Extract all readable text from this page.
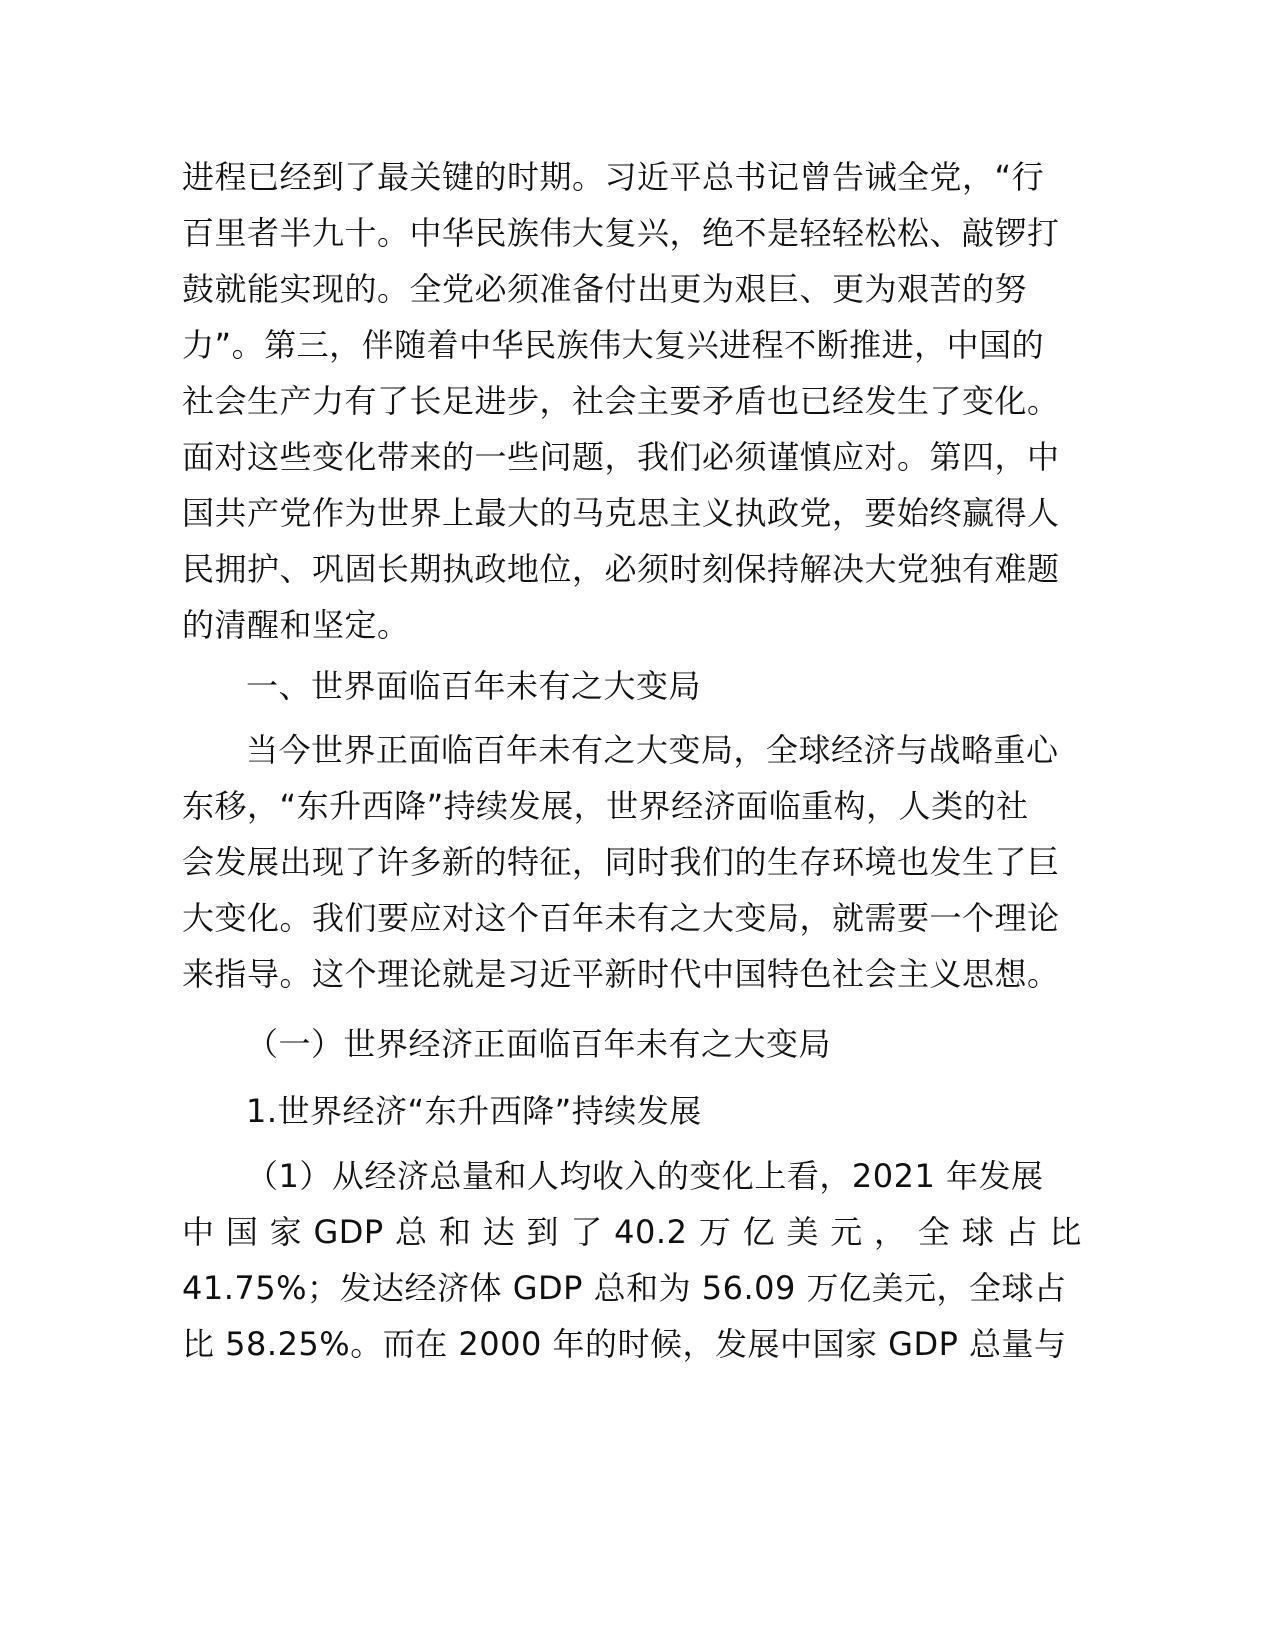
进程已经到了最关键的时期。习近平总书记曾告诫全党，“行
百里者半九十。中华民族伟大复兴，绝不是轻轻松松、敲锣打
鼓就能实现的。全党必须准备付出更为艰巨、更为艰苦的努
力”。第三，伴随着中华民族伟大复兴进程不断推进，中国的
社会生产力有了长足进步，社会主要矛盾也已经发生了变化。
面对这些变化带来的一些问题，我们必须谨慎应对。第四，中
国共产党作为世界上最大的马克思主义执政党，要始终赢得人
民拥护、巩固长期执政地位，必须时刻保持解决大党独有难题
的清醒和坚定。
一、世界面临百年未有之大变局
当今世界正面临百年未有之大变局，全球经济与战略重心
东移，“东升西降”持续发展，世界经济面临重构，人类的社
会发展出现了许多新的特征，同时我们的生存环境也发生了巨
大变化。我们要应对这个百年未有之大变局，就需要一个理论
来指导。这个理论就是习近平新时代中国特色社会主义思想。
（一）世界经济正面临百年未有之大变局
1.世界经济“东升西降”持续发展
（1）从经济总量和人均收入的变化上看，2021 年发展
中 国 家 GDP 总 和 达 到 了 40.2 万 亿 美 元 ， 全 球 占 比
41.75%；发达经济体 GDP 总和为 56.09 万亿美元，全球占
比 58.25%。而在 2000 年的时候，发展中国家 GDP 总量与
